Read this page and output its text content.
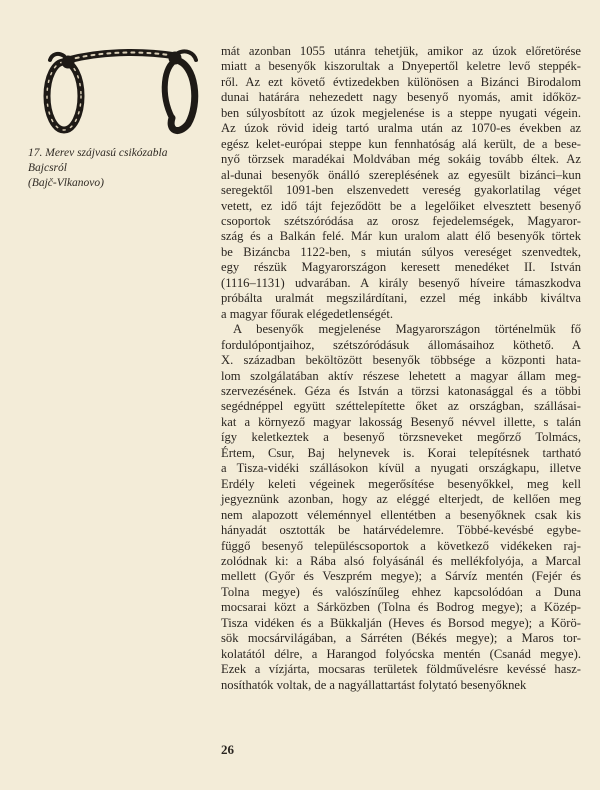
17. Merev szájvasú csikózabla
Bajcsról
(Bajč-Vlkanovo)
mát azonban 1055 utánra tehetjük, amikor az úzok előretörése
miatt a besenyők kiszorultak a Dnyepertől keletre levő steppék-
ről. Az ezt követő évtizedekben különösen a Bizánci Birodalom
dunai határára nehezedett nagy besenyő nyomás, amit időköz-
ben súlyosbított az úzok megjelenése is a steppe nyugati végein.
Az úzok rövid ideig tartó uralma után az 1070-es években az
egész kelet-európai steppe kun fennhatóság alá került, de a bese-
nyő törzsek maradékai Moldvában még sokáig tovább éltek. Az
al-dunai besenyők önálló szereplésének az egyesült bizánci–kun
seregektől 1091-ben elszenvedett vereség gyakorlatilag véget
vetett, ez idő tájt fejeződött be a legelőiket elvesztett besenyő
csoportok szétszóródása az orosz fejedelemségek, Magyaror-
szág és a Balkán felé. Már kun uralom alatt élő besenyők törtek
be Bizáncba 1122-ben, s miután súlyos vereséget szenvedtek,
egy részük Magyarországon keresett menedéket II. István
(1116–1131) udvarában. A király besenyő híveire támaszkodva
próbálta uralmát megszilárdítani, ezzel még inkább kiváltva
a magyar főurak elégedetlenségét.
A besenyők megjelenése Magyarországon történelmük fő
fordulópontjaihoz, szétszóródásuk állomásaihoz köthető. A
X. században beköltözött besenyők többsége a központi hata-
lom szolgálatában aktív részese lehetett a magyar állam meg-
szervezésének. Géza és István a törzsi katonasággal és a többi
segédnéppel együtt széttelepítette őket az országban, szállásai-
kat a környező magyar lakosság Besenyő névvel illette, s talán
így keletkeztek a besenyő törzsneveket megőrző Tolmács,
Értem, Csur, Baj helynevek is. Korai telepítésnek tartható
a Tisza-vidéki szállásokon kívül a nyugati országkapu, illetve
Erdély keleti végeinek megerősítése besenyőkkel, meg kell
jegyeznünk azonban, hogy az eléggé elterjedt, de kellően meg
nem alapozott véleménnyel ellentétben a besenyőknek csak kis
hányadát osztották be határvédelemre. Többé-kevésbé egybe-
függő besenyő településcsoportok a következő vidékeken raj-
zolódnak ki: a Rába alsó folyásánál és mellékfolyója, a Marcal
mellett (Győr és Veszprém megye); a Sárvíz mentén (Fejér és
Tolna megye) és valószínűleg ehhez kapcsolódóan a Duna
mocsarai közt a Sárközben (Tolna és Bodrog megye); a Közép-
Tisza vidéken és a Bükkalján (Heves és Borsod megye); a Körö-
sök mocsárvilágában, a Sárréten (Békés megye); a Maros tor-
kolatától délre, a Harangod folyócska mentén (Csanád megye).
Ezek a vízjárta, mocsaras területek földművelésre kevéssé hasz-
nosíthatók voltak, de a nagyállattartást folytató besenyőknek
26
